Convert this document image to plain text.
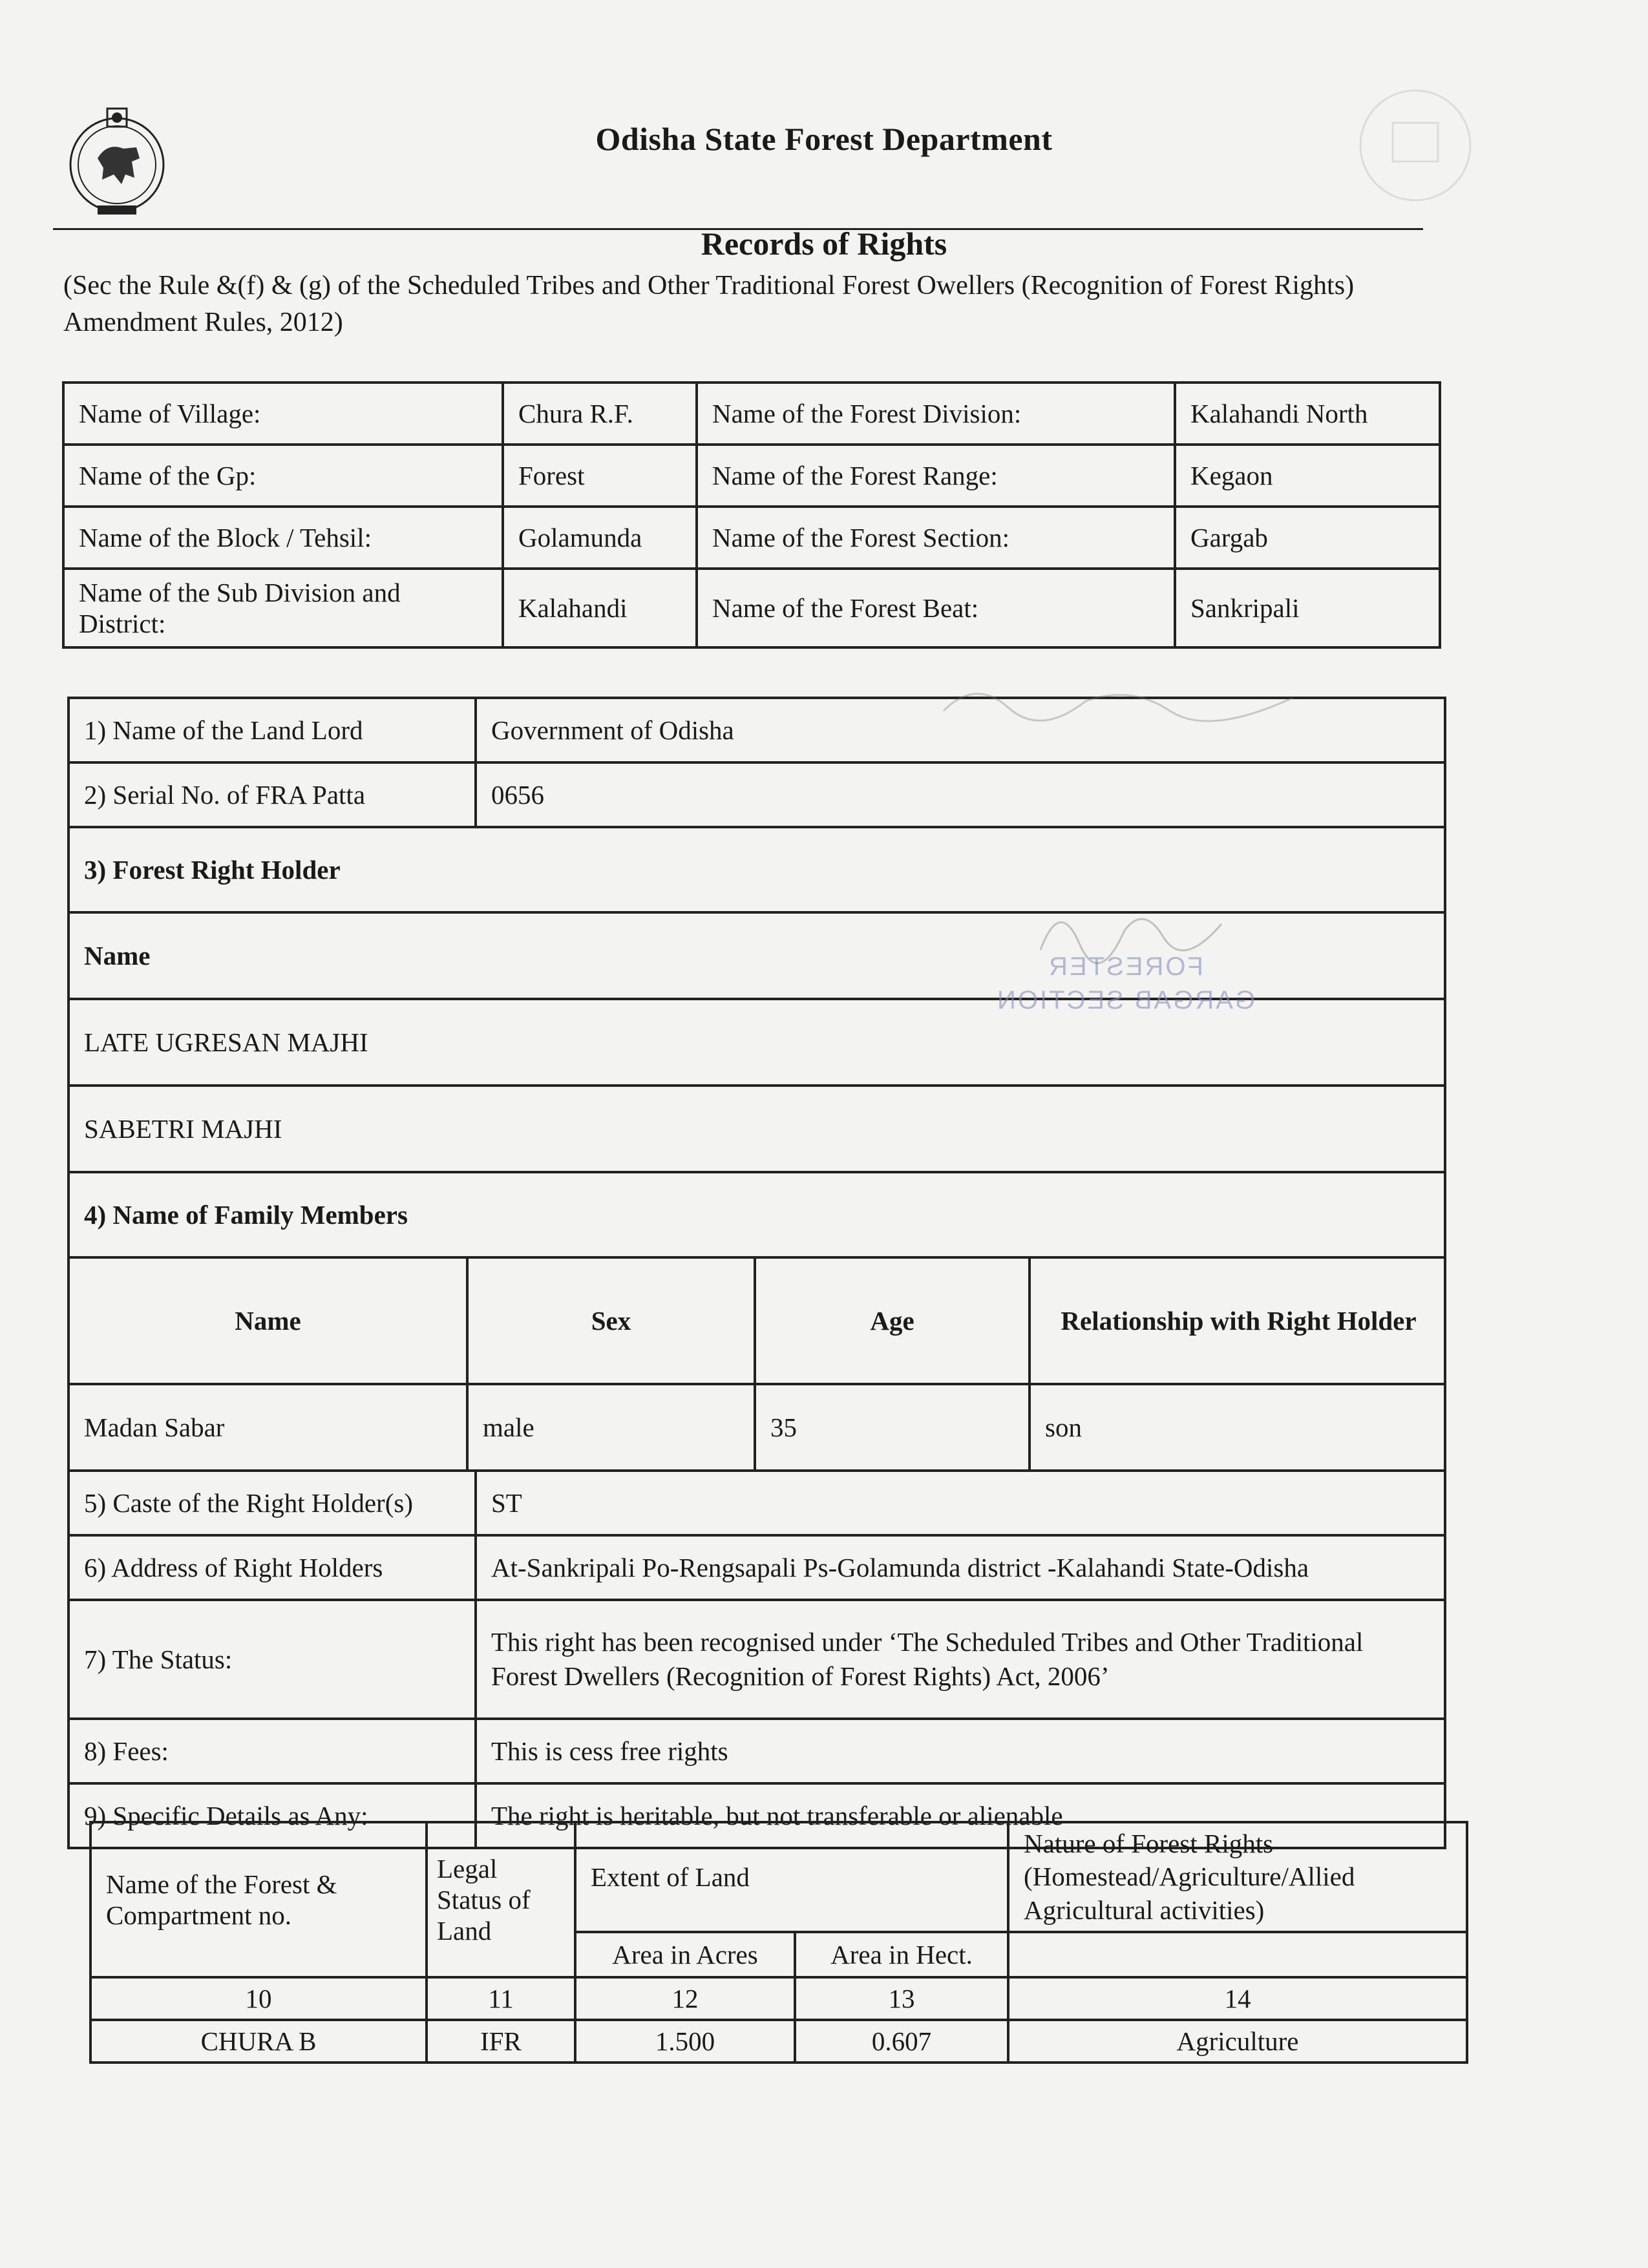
Odisha State Forest Department
Records of Rights
(Sec the Rule &(f) & (g) of the Scheduled Tribes and Other Traditional Forest Owellers (Recognition of Forest Rights) Amendment Rules, 2012)
Name of Village:	Chura R.F.	Name of the Forest Division:	Kalahandi North
Name of the Gp:	Forest	Name of the Forest Range:	Kegaon
Name of the Block / Tehsil:	Golamunda	Name of the Forest Section:	Gargab
Name of the Sub Division and District:	Kalahandi	Name of the Forest Beat:	Sankripali
1) Name of the Land Lord	Government of Odisha
2) Serial No. of FRA Patta	0656
3) Forest Right Holder
Name
LATE UGRESAN MAJHI
SABETRI MAJHI
4) Name of Family Members

Name	Sex	Age	Relationship with Right Holder
Madan Sabar	male	35	son

5) Caste of the Right Holder(s)	ST
6) Address of Right Holders	At-Sankripali Po-Rengsapali Ps-Golamunda district -Kalahandi State-Odisha
7) The Status:	This right has been recognised under ‘The Scheduled Tribes and Other Traditional Forest Dwellers (Recognition of Forest Rights) Act, 2006’
8) Fees:	This is cess free rights
9) Specific Details as Any:	The right is heritable, but not transferable or alienable
Name of the Forest & Compartment no.	Legal Status of Land	Extent of Land		Nature of Forest Rights (Homestead/Agriculture/Allied Agricultural activities)
		Area in Acres	Area in Hect.	
10	11	12	13	14
CHURA B	IFR	1.500	0.607	Agriculture
FORESTER
GARGAB SECTION
